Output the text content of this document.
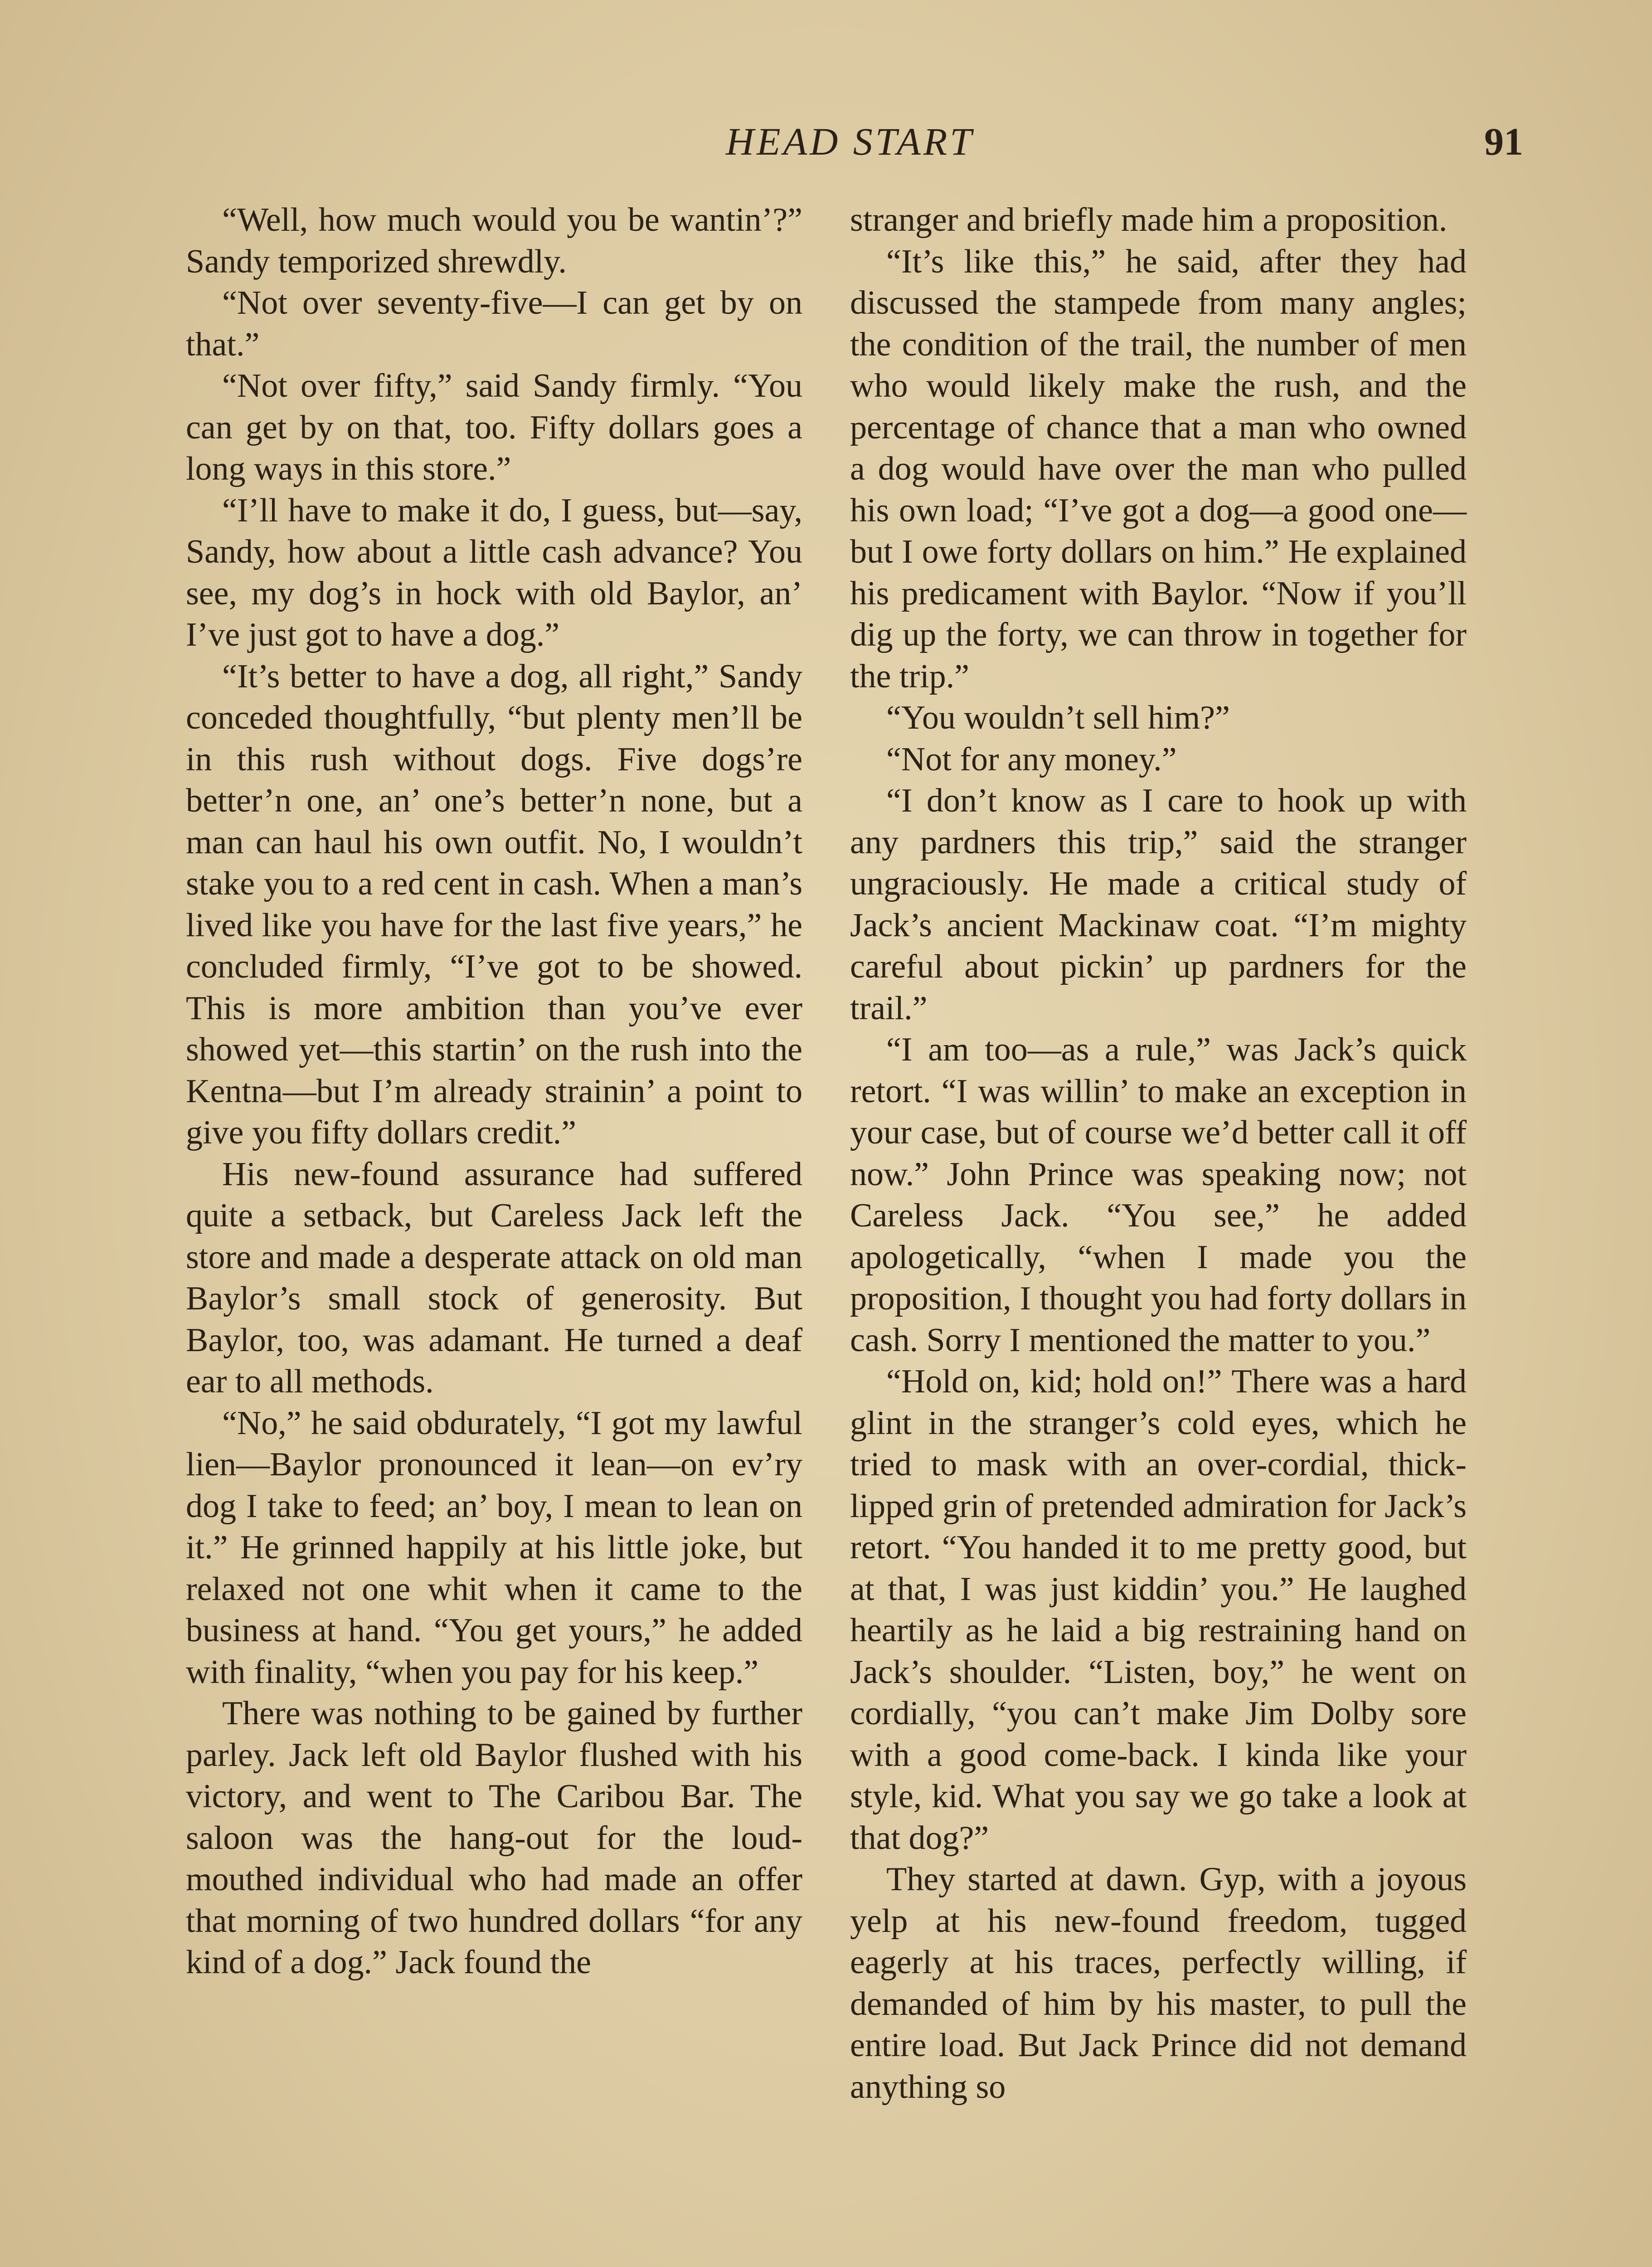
HEAD START	91

“Well, how much would you be wantin’?” Sandy temporized shrewdly.

“Not over seventy-five—I can get by on that.”

“Not over fifty,” said Sandy firmly. “You can get by on that, too. Fifty dollars goes a long ways in this store.”

“I’ll have to make it do, I guess, but—say, Sandy, how about a little cash advance? You see, my dog’s in hock with old Baylor, an’ I’ve just got to have a dog.”

“It’s better to have a dog, all right,” Sandy conceded thoughtfully, “but plenty men’ll be in this rush without dogs. Five dogs’re better’n one, an’ one’s better’n none, but a man can haul his own outfit. No, I wouldn’t stake you to a red cent in cash. When a man’s lived like you have for the last five years,” he concluded firmly, “I’ve got to be showed. This is more ambition than you’ve ever showed yet—this startin’ on the rush into the Kentna—but I’m already strainin’ a point to give you fifty dollars credit.”

His new-found assurance had suffered quite a setback, but Careless Jack left the store and made a desperate attack on old man Baylor’s small stock of generosity. But Baylor, too, was adamant. He turned a deaf ear to all methods.

“No,” he said obdurately, “I got my lawful lien—Baylor pronounced it lean—on ev’ry dog I take to feed; an’ boy, I mean to lean on it.” He grinned happily at his little joke, but relaxed not one whit when it came to the business at hand. “You get yours,” he added with finality, “when you pay for his keep.”

There was nothing to be gained by further parley. Jack left old Baylor flushed with his victory, and went to The Caribou Bar. The saloon was the hang-out for the loud-mouthed individual who had made an offer that morning of two hundred dollars “for any kind of a dog.” Jack found the

stranger and briefly made him a proposition.

“It’s like this,” he said, after they had discussed the stampede from many angles; the condition of the trail, the number of men who would likely make the rush, and the percentage of chance that a man who owned a dog would have over the man who pulled his own load; “I’ve got a dog—a good one—but I owe forty dollars on him.” He explained his predicament with Baylor. “Now if you’ll dig up the forty, we can throw in together for the trip.”

“You wouldn’t sell him?”

“Not for any money.”

“I don’t know as I care to hook up with any pardners this trip,” said the stranger ungraciously. He made a critical study of Jack’s ancient Mackinaw coat. “I’m mighty careful about pickin’ up pardners for the trail.”

“I am too—as a rule,” was Jack’s quick retort. “I was willin’ to make an exception in your case, but of course we’d better call it off now.” John Prince was speaking now; not Careless Jack. “You see,” he added apologetically, “when I made you the proposition, I thought you had forty dollars in cash. Sorry I mentioned the matter to you.”

“Hold on, kid; hold on!” There was a hard glint in the stranger’s cold eyes, which he tried to mask with an over-cordial, thick-lipped grin of pretended admiration for Jack’s retort. “You handed it to me pretty good, but at that, I was just kiddin’ you.” He laughed heartily as he laid a big restraining hand on Jack’s shoulder. “Listen, boy,” he went on cordially, “you can’t make Jim Dolby sore with a good come-back. I kinda like your style, kid. What you say we go take a look at that dog?”

They started at dawn. Gyp, with a joyous yelp at his new-found freedom, tugged eagerly at his traces, perfectly willing, if demanded of him by his master, to pull the entire load. But Jack Prince did not demand anything so
